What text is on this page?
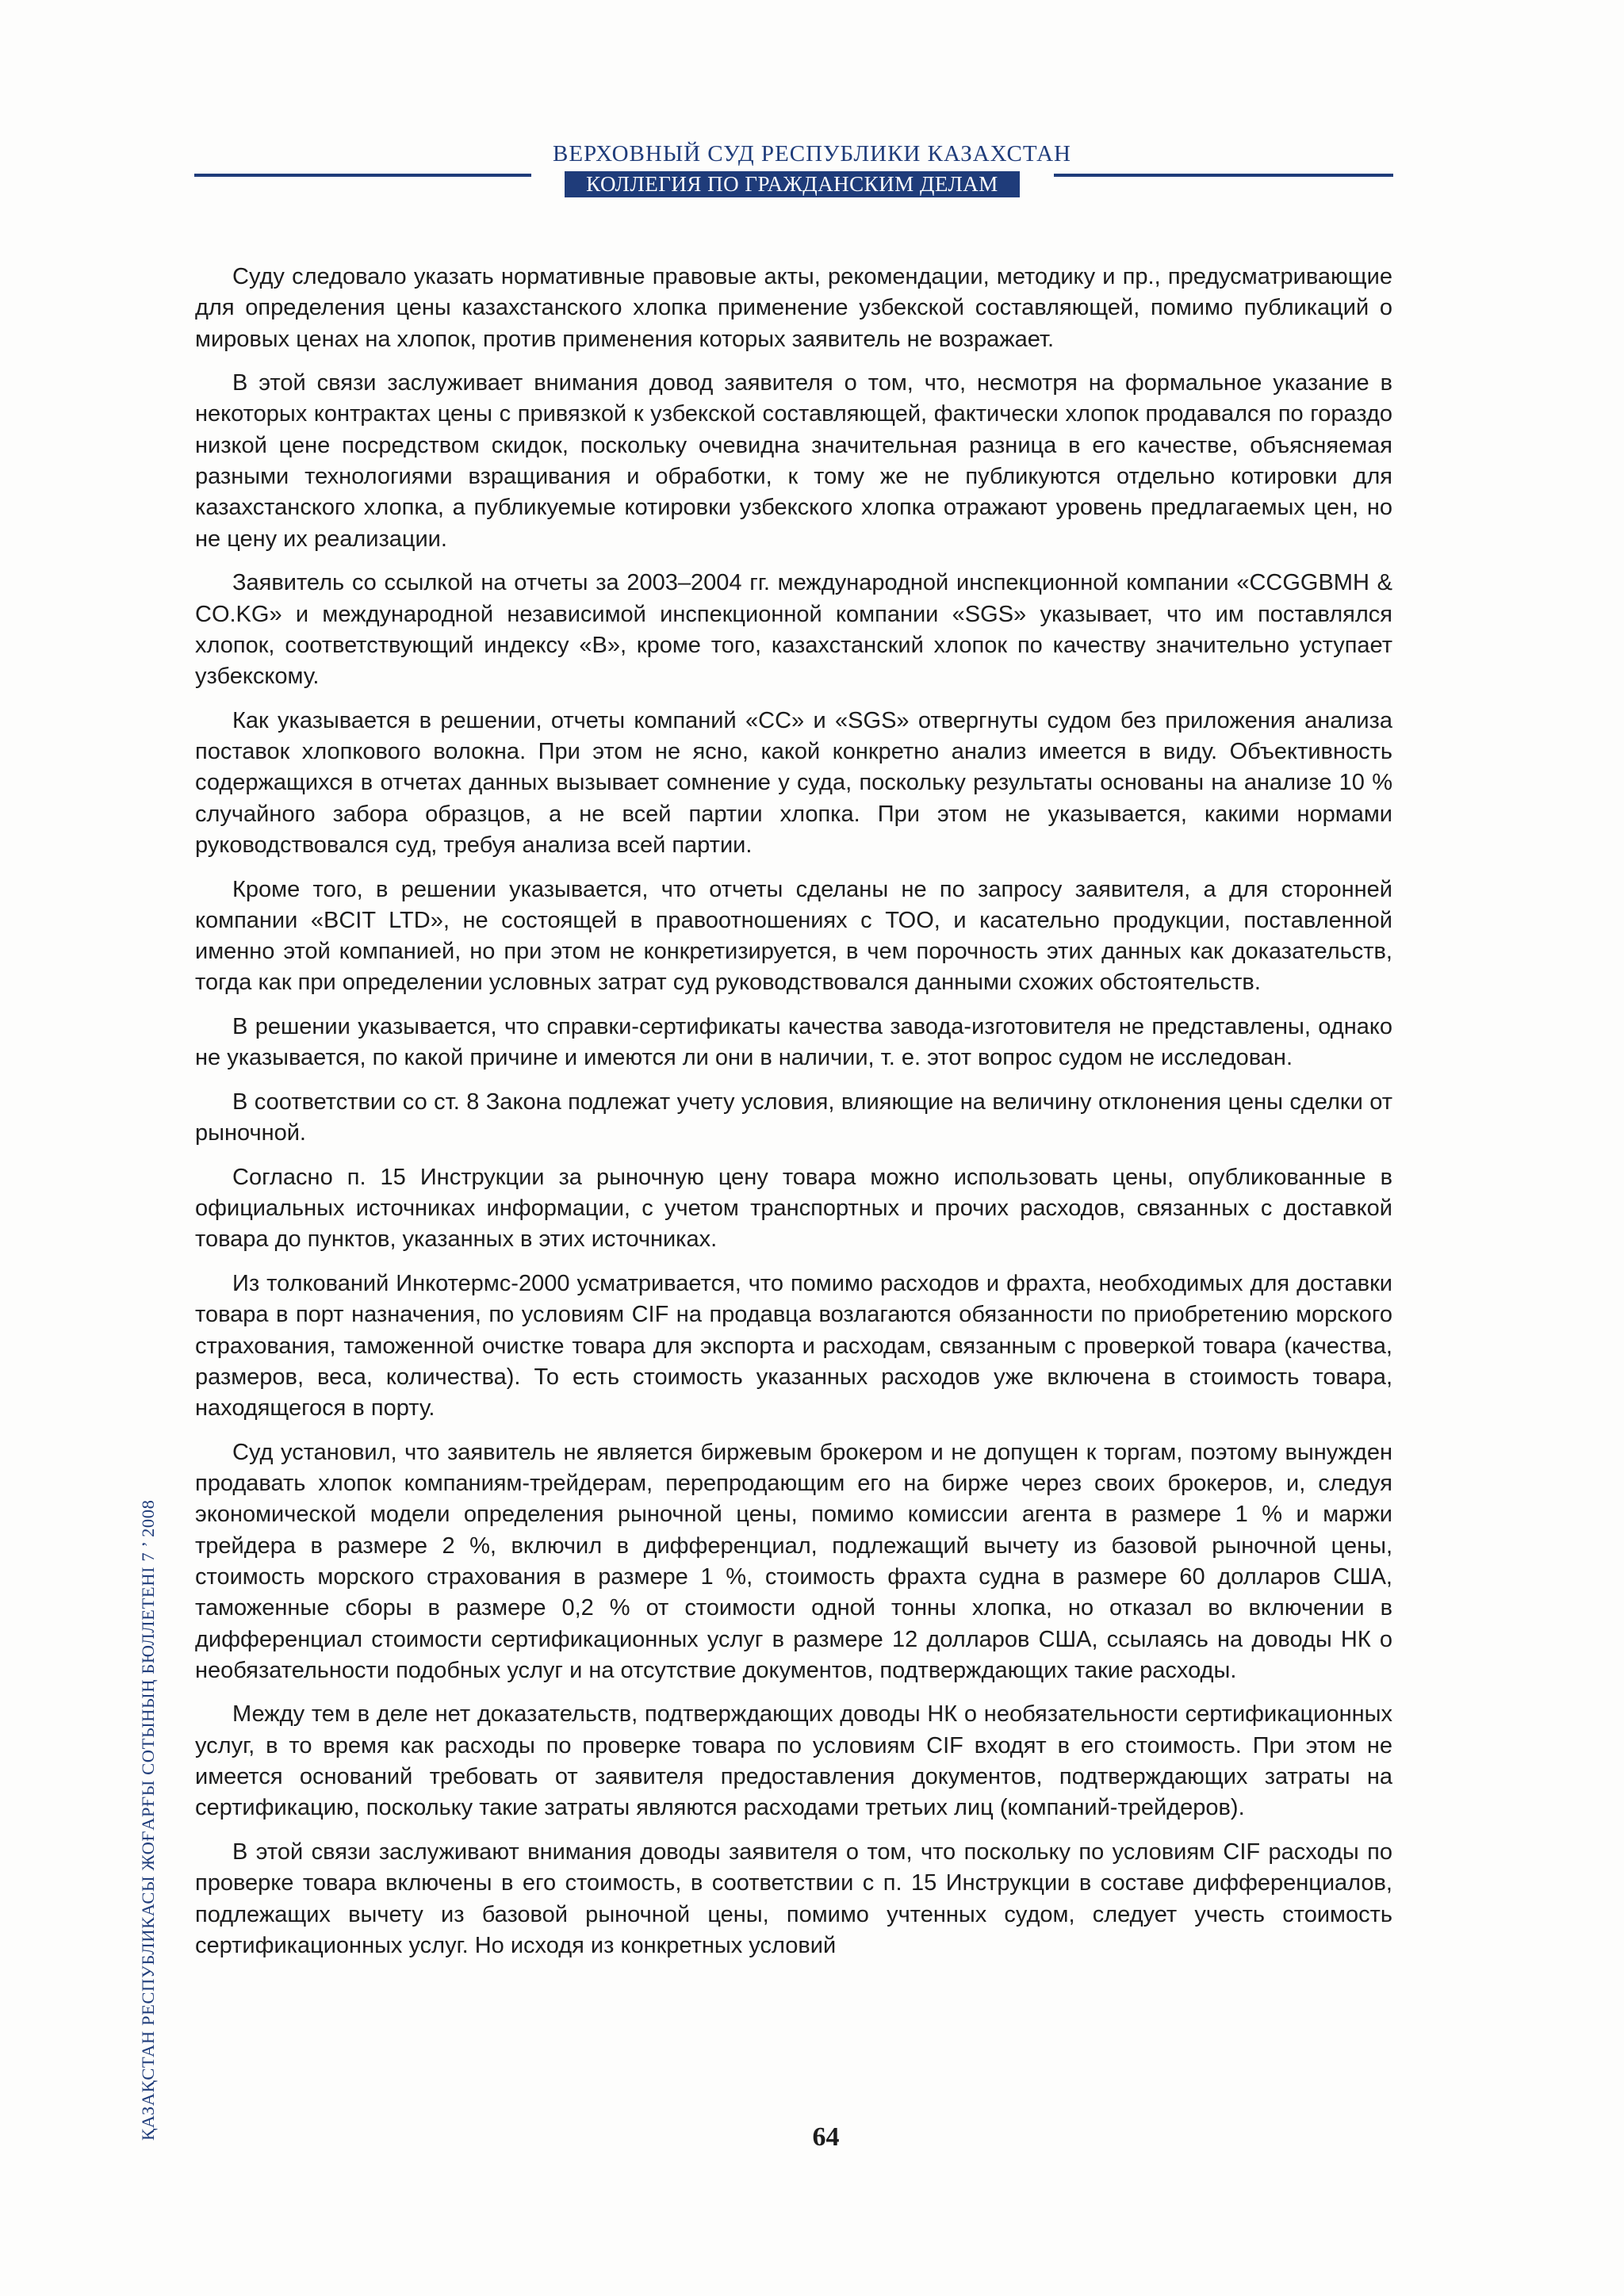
ВЕРХОВНЫЙ СУД РЕСПУБЛИКИ КАЗАХСТАН
КОЛЛЕГИЯ ПО ГРАЖДАНСКИМ ДЕЛАМ

Суду следовало указать нормативные правовые акты, рекомендации, методику и пр., предусматривающие для определения цены казахстанского хлопка применение узбекской составляющей, помимо публикаций о мировых ценах на хлопок, против применения которых заявитель не возражает.

В этой связи заслуживает внимания довод заявителя о том, что, несмотря на формальное указание в некоторых контрактах цены с привязкой к узбекской составляющей, фактически хлопок продавался по гораздо низкой цене посредством скидок, поскольку очевидна значительная разница в его качестве, объясняемая разными технологиями взращивания и обработки, к тому же не публикуются отдельно котировки для казахстанского хлопка, а публикуемые котировки узбекского хлопка отражают уровень предлагаемых цен, но не цену их реализации.

Заявитель со ссылкой на отчеты за 2003–2004 гг. международной инспекционной компании «CCGGBMH & CO.KG» и международной независимой инспекционной компании «SGS» указывает, что им поставлялся хлопок, соответствующий индексу «В», кроме того, казахстанский хлопок по качеству значительно уступает узбекскому.

Как указывается в решении, отчеты компаний «СС» и «SGS» отвергнуты судом без приложения анализа поставок хлопкового волокна. При этом не ясно, какой конкретно анализ имеется в виду. Объективность содержащихся в отчетах данных вызывает сомнение у суда, поскольку результаты основаны на анализе 10 % случайного забора образцов, а не всей партии хлопка. При этом не указывается, какими нормами руководствовался суд, требуя анализа всей партии.

Кроме того, в решении указывается, что отчеты сделаны не по запросу заявителя, а для сторонней компании «BCIT LTD», не состоящей в правоотношениях с ТОО, и касательно продукции, поставленной именно этой компанией, но при этом не конкретизируется, в чем порочность этих данных как доказательств, тогда как при определении условных затрат суд руководствовался данными схожих обстоятельств.

В решении указывается, что справки-сертификаты качества завода-изготовителя не представлены, однако не указывается, по какой причине и имеются ли они в наличии, т. е. этот вопрос судом не исследован.

В соответствии со ст. 8 Закона подлежат учету условия, влияющие на величину отклонения цены сделки от рыночной.

Согласно п. 15 Инструкции за рыночную цену товара можно использовать цены, опубликованные в официальных источниках информации, с учетом транспортных и прочих расходов, связанных с доставкой товара до пунктов, указанных в этих источниках.

Из толкований Инкотермс-2000 усматривается, что помимо расходов и фрахта, необходимых для доставки товара в порт назначения, по условиям CIF на продавца возлагаются обязанности по приобретению морского страхования, таможенной очистке товара для экспорта и расходам, связанным с проверкой товара (качества, размеров, веса, количества). То есть стоимость указанных расходов уже включена в стоимость товара, находящегося в порту.

Суд установил, что заявитель не является биржевым брокером и не допущен к торгам, поэтому вынужден продавать хлопок компаниям-трейдерам, перепродающим его на бирже через своих брокеров, и, следуя экономической модели определения рыночной цены, помимо комиссии агента в размере 1 % и маржи трейдера в размере 2 %, включил в дифференциал, подлежащий вычету из базовой рыночной цены, стоимость морского страхования в размере 1 %, стоимость фрахта судна в размере 60 долларов США, таможенные сборы в размере 0,2 % от стоимости одной тонны хлопка, но отказал во включении в дифференциал стоимости сертификационных услуг в размере 12 долларов США, ссылаясь на доводы НК о необязательности подобных услуг и на отсутствие документов, подтверждающих такие расходы.

Между тем в деле нет доказательств, подтверждающих доводы НК о необязательности сертификационных услуг, в то время как расходы по проверке товара по условиям CIF входят в его стоимость. При этом не имеется оснований требовать от заявителя предоставления документов, подтверждающих затраты на сертификацию, поскольку такие затраты являются расходами третьих лиц (компаний-трейдеров).

В этой связи заслуживают внимания доводы заявителя о том, что поскольку по условиям CIF расходы по проверке товара включены в его стоимость, в соответствии с п. 15 Инструкции в составе дифференциалов, подлежащих вычету из базовой рыночной цены, помимо учтенных судом, следует учесть стоимость сертификационных услуг. Но исходя из конкретных условий

64
ҚАЗАҚСТАН РЕСПУБЛИКАСЫ ЖОҒАРҒЫ СОТЫНЫҢ БЮЛЛЕТЕНІ 7 ’ 2008
